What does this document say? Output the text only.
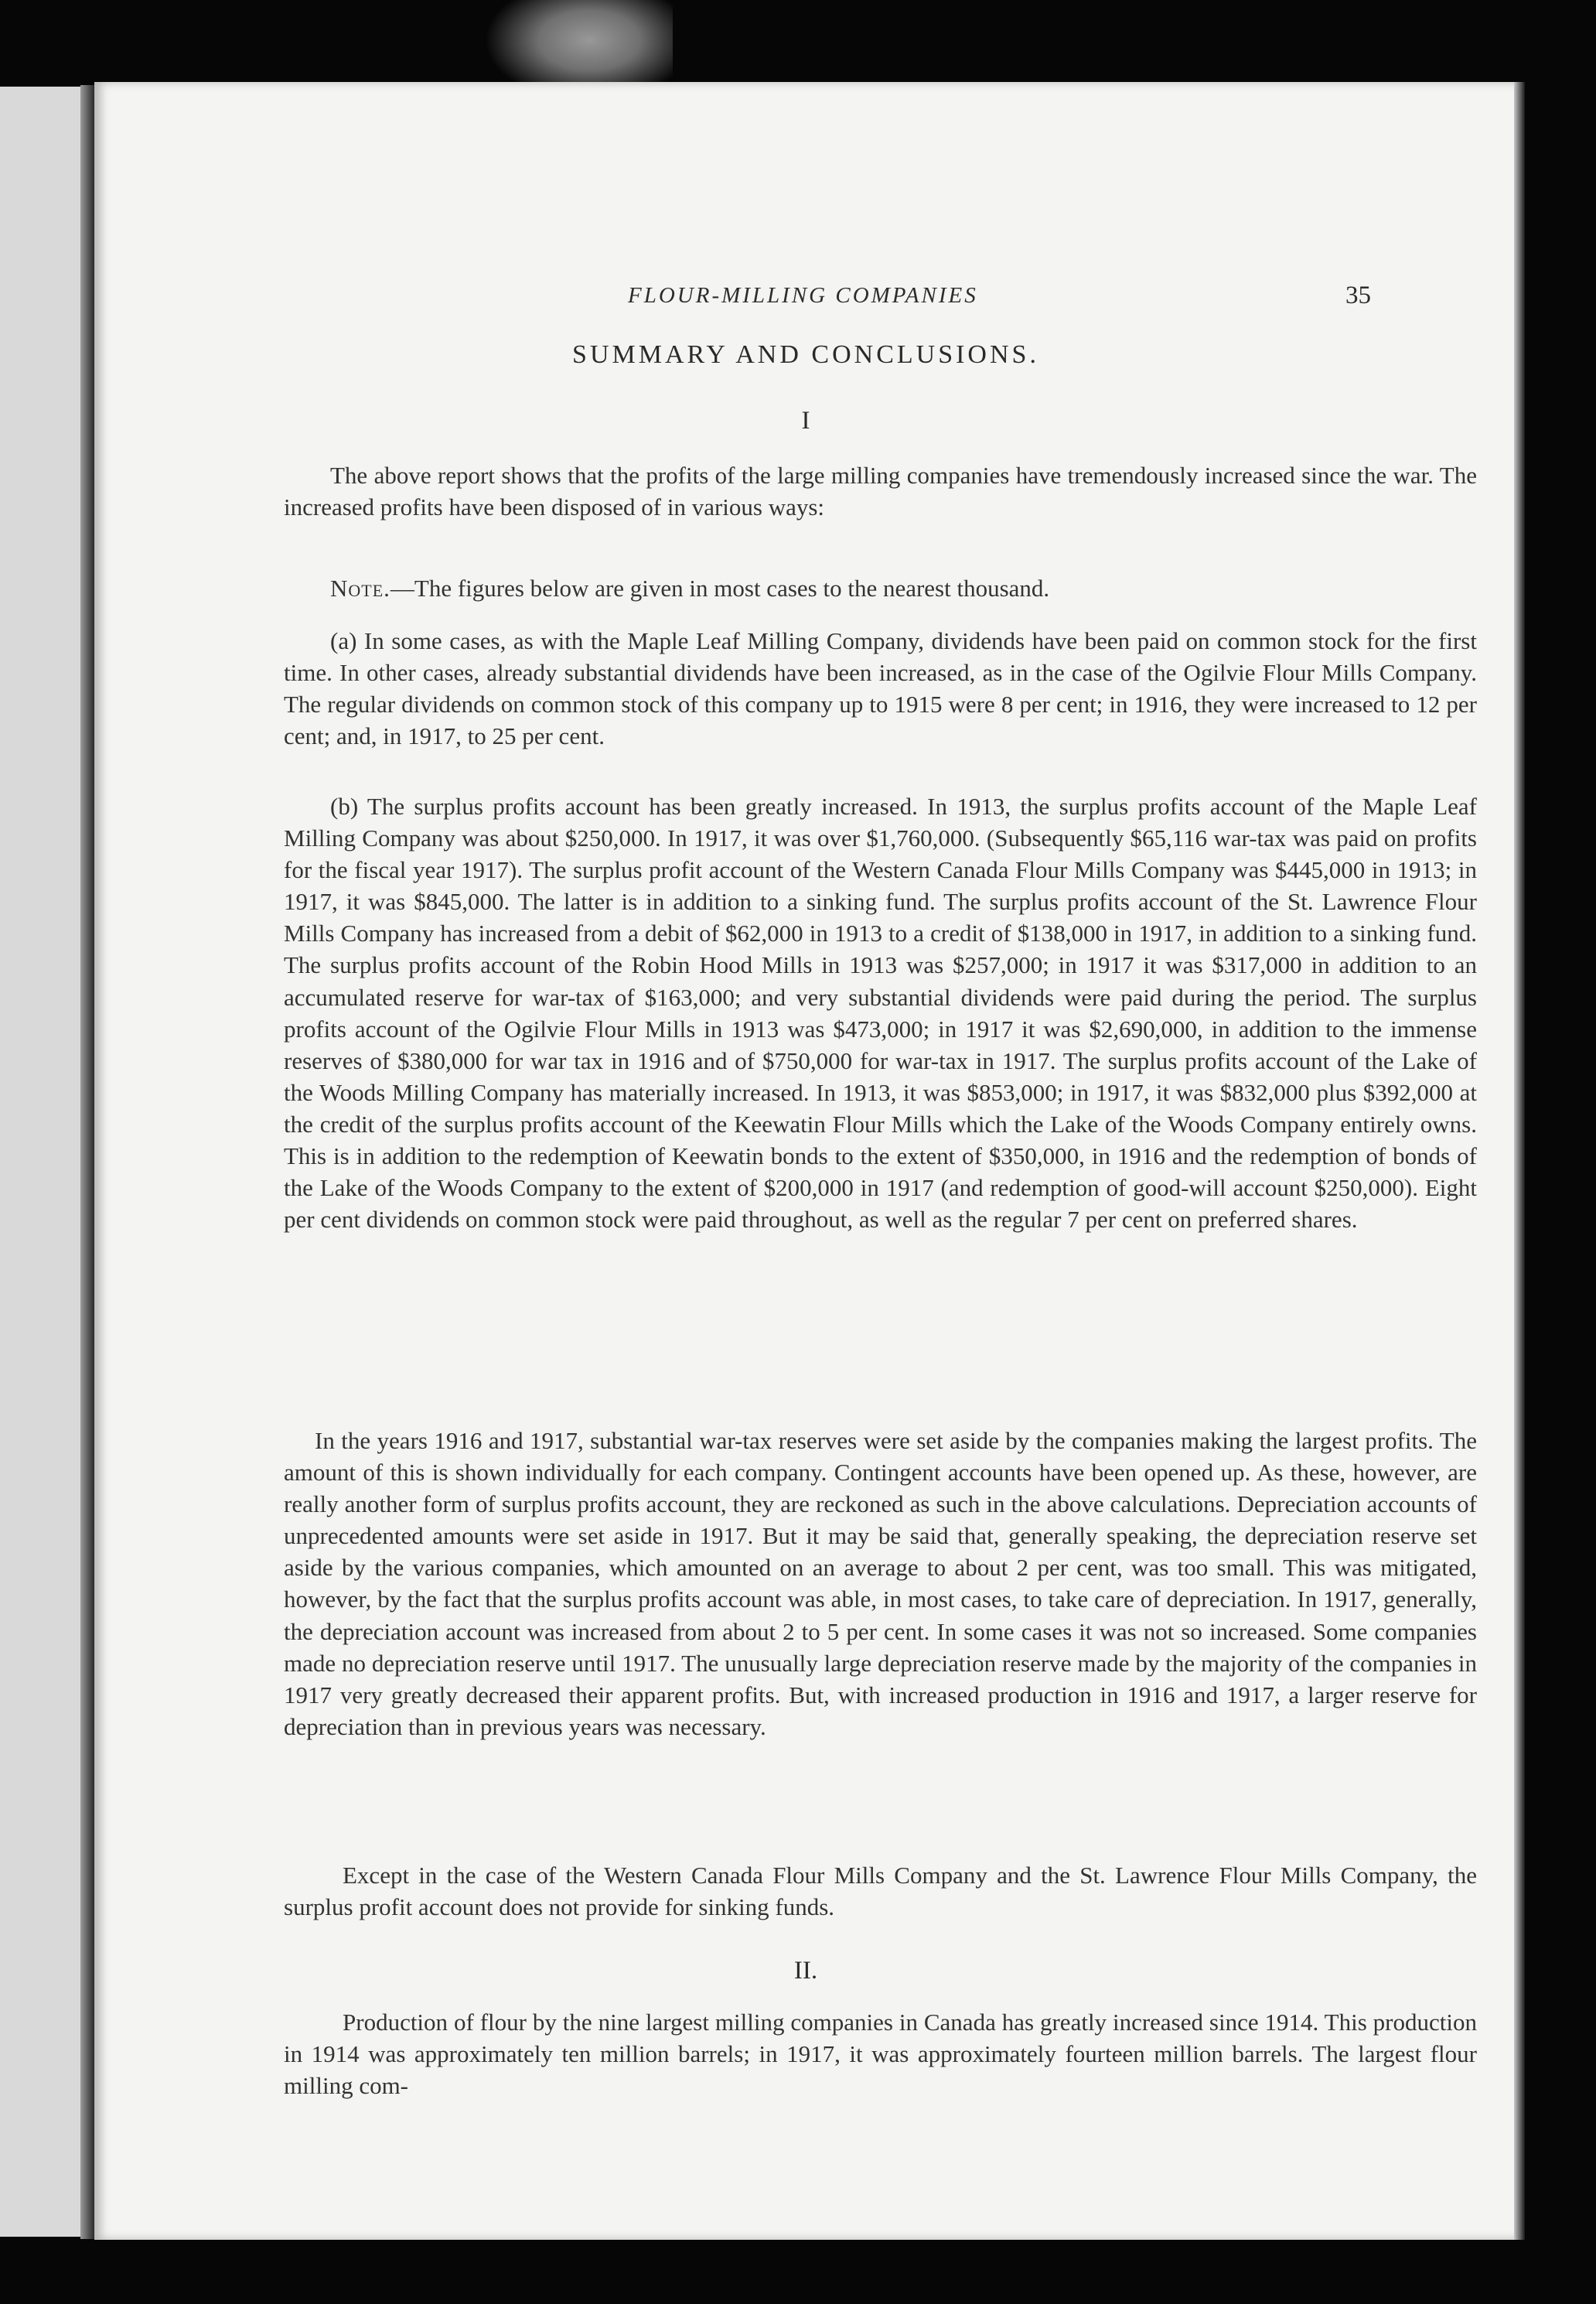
FLOUR-MILLING COMPANIES	35
SUMMARY AND CONCLUSIONS.
I

The above report shows that the profits of the large milling companies have tremendously increased since the war. The increased profits have been disposed of in various ways:

Note.—The figures below are given in most cases to the nearest thousand.

(a) In some cases, as with the Maple Leaf Milling Company, dividends have been paid on common stock for the first time. In other cases, already substantial dividends have been increased, as in the case of the Ogilvie Flour Mills Company. The regular dividends on common stock of this company up to 1915 were 8 per cent; in 1916, they were increased to 12 per cent; and, in 1917, to 25 per cent.

(b) The surplus profits account has been greatly increased. In 1913, the surplus profits account of the Maple Leaf Milling Company was about $250,000. In 1917, it was over $1,760,000. (Subsequently $65,116 war-tax was paid on profits for the fiscal year 1917). The surplus profit account of the Western Canada Flour Mills Company was $445,000 in 1913; in 1917, it was $845,000. The latter is in addition to a sinking fund. The surplus profits account of the St. Lawrence Flour Mills Company has increased from a debit of $62,000 in 1913 to a credit of $138,000 in 1917, in addition to a sinking fund. The surplus profits account of the Robin Hood Mills in 1913 was $257,000; in 1917 it was $317,000 in addition to an accumulated reserve for war-tax of $163,000; and very substantial dividends were paid during the period. The surplus profits account of the Ogilvie Flour Mills in 1913 was $473,000; in 1917 it was $2,690,000, in addition to the immense reserves of $380,000 for war tax in 1916 and of $750,000 for war-tax in 1917. The surplus profits account of the Lake of the Woods Milling Company has materially increased. In 1913, it was $853,000; in 1917, it was $832,000 plus $392,000 at the credit of the surplus profits account of the Keewatin Flour Mills which the Lake of the Woods Company entirely owns. This is in addition to the redemption of Keewatin bonds to the extent of $350,000, in 1916 and the redemption of bonds of the Lake of the Woods Company to the extent of $200,000 in 1917 (and redemption of good-will account $250,000). Eight per cent dividends on common stock were paid throughout, as well as the regular 7 per cent on preferred shares.

In the years 1916 and 1917, substantial war-tax reserves were set aside by the companies making the largest profits. The amount of this is shown individually for each company. Contingent accounts have been opened up. As these, however, are really another form of surplus profits account, they are reckoned as such in the above calculations. Depreciation accounts of unprecedented amounts were set aside in 1917. But it may be said that, generally speaking, the depreciation reserve set aside by the various companies, which amounted on an average to about 2 per cent, was too small. This was mitigated, however, by the fact that the surplus profits account was able, in most cases, to take care of depreciation. In 1917, generally, the depreciation account was increased from about 2 to 5 per cent. In some cases it was not so increased. Some companies made no depreciation reserve until 1917. The unusually large depreciation reserve made by the majority of the companies in 1917 very greatly decreased their apparent profits. But, with increased production in 1916 and 1917, a larger reserve for depreciation than in previous years was necessary.

Except in the case of the Western Canada Flour Mills Company and the St. Lawrence Flour Mills Company, the surplus profit account does not provide for sinking funds.

II.

Production of flour by the nine largest milling companies in Canada has greatly increased since 1914. This production in 1914 was approximately ten million barrels; in 1917, it was approximately fourteen million barrels. The largest flour milling com-
